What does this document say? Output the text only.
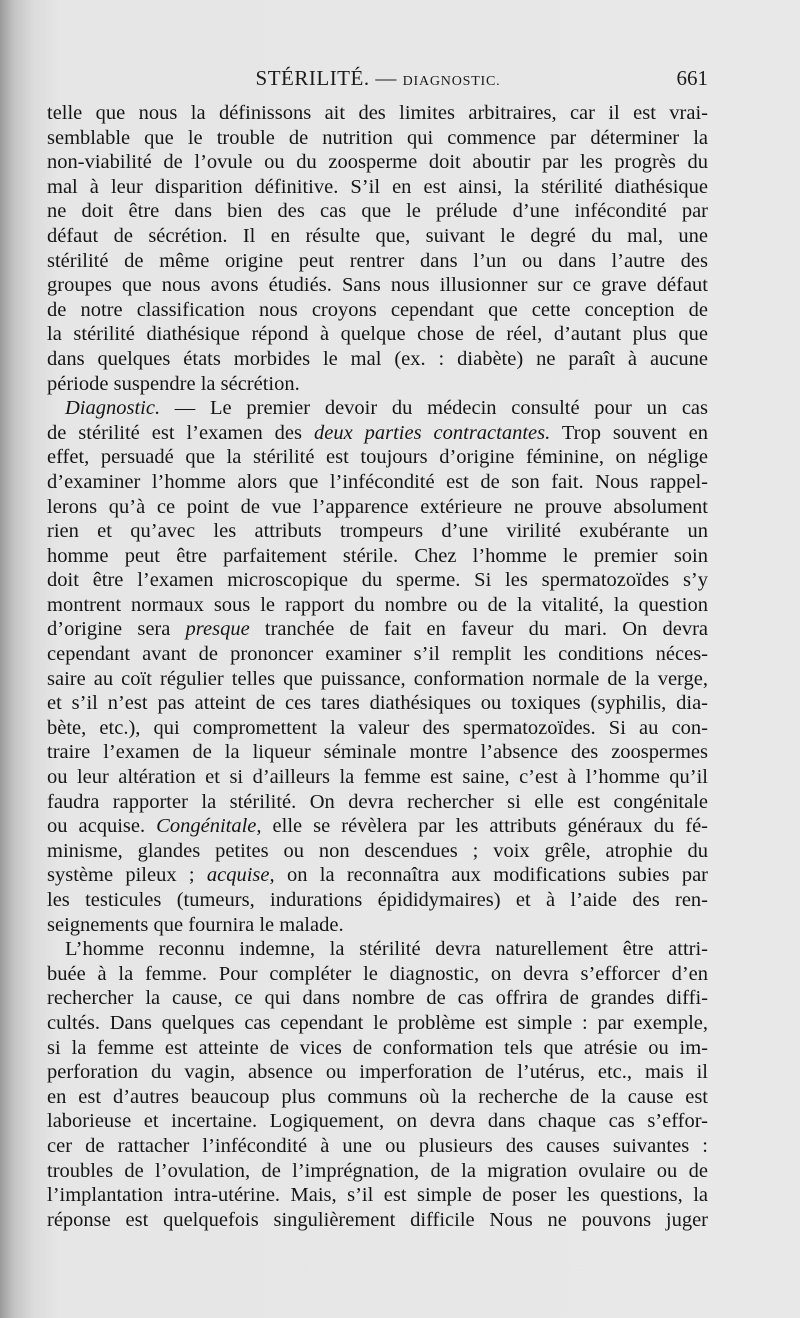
STÉRILITÉ. — DIAGNOSTIC.	661
telle que nous la définissons ait des limites arbitraires, car il est vrai-
semblable que le trouble de nutrition qui commence par déterminer la
non-viabilité de l’ovule ou du zoosperme doit aboutir par les progrès du
mal à leur disparition définitive. S’il en est ainsi, la stérilité diathésique
ne doit être dans bien des cas que le prélude d’une infécondité par
défaut de sécrétion. Il en résulte que, suivant le degré du mal, une
stérilité de même origine peut rentrer dans l’un ou dans l’autre des
groupes que nous avons étudiés. Sans nous illusionner sur ce grave défaut
de notre classification nous croyons cependant que cette conception de
la stérilité diathésique répond à quelque chose de réel, d’autant plus que
dans quelques états morbides le mal (ex. : diabète) ne paraît à aucune
période suspendre la sécrétion.
Diagnostic. — Le premier devoir du médecin consulté pour un cas
de stérilité est l’examen des deux parties contractantes. Trop souvent en
effet, persuadé que la stérilité est toujours d’origine féminine, on néglige
d’examiner l’homme alors que l’infécondité est de son fait. Nous rappel-
lerons qu’à ce point de vue l’apparence extérieure ne prouve absolument
rien et qu’avec les attributs trompeurs d’une virilité exubérante un
homme peut être parfaitement stérile. Chez l’homme le premier soin
doit être l’examen microscopique du sperme. Si les spermatozoïdes s’y
montrent normaux sous le rapport du nombre ou de la vitalité, la question
d’origine sera presque tranchée de fait en faveur du mari. On devra
cependant avant de prononcer examiner s’il remplit les conditions néces-
saire au coït régulier telles que puissance, conformation normale de la verge,
et s’il n’est pas atteint de ces tares diathésiques ou toxiques (syphilis, dia-
bète, etc.), qui compromettent la valeur des spermatozoïdes. Si au con-
traire l’examen de la liqueur séminale montre l’absence des zoospermes
ou leur altération et si d’ailleurs la femme est saine, c’est à l’homme qu’il
faudra rapporter la stérilité. On devra rechercher si elle est congénitale
ou acquise. Congénitale, elle se révèlera par les attributs généraux du fé-
minisme, glandes petites ou non descendues ; voix grêle, atrophie du
système pileux ; acquise, on la reconnaîtra aux modifications subies par
les testicules (tumeurs, indurations épididymaires) et à l’aide des ren-
seignements que fournira le malade.
L’homme reconnu indemne, la stérilité devra naturellement être attri-
buée à la femme. Pour compléter le diagnostic, on devra s’efforcer d’en
rechercher la cause, ce qui dans nombre de cas offrira de grandes diffi-
cultés. Dans quelques cas cependant le problème est simple : par exemple,
si la femme est atteinte de vices de conformation tels que atrésie ou im-
perforation du vagin, absence ou imperforation de l’utérus, etc., mais il
en est d’autres beaucoup plus communs où la recherche de la cause est
laborieuse et incertaine. Logiquement, on devra dans chaque cas s’effor-
cer de rattacher l’infécondité à une ou plusieurs des causes suivantes :
troubles de l’ovulation, de l’imprégnation, de la migration ovulaire ou de
l’implantation intra-utérine. Mais, s’il est simple de poser les questions, la
réponse est quelquefois singulièrement difficile Nous ne pouvons juger
